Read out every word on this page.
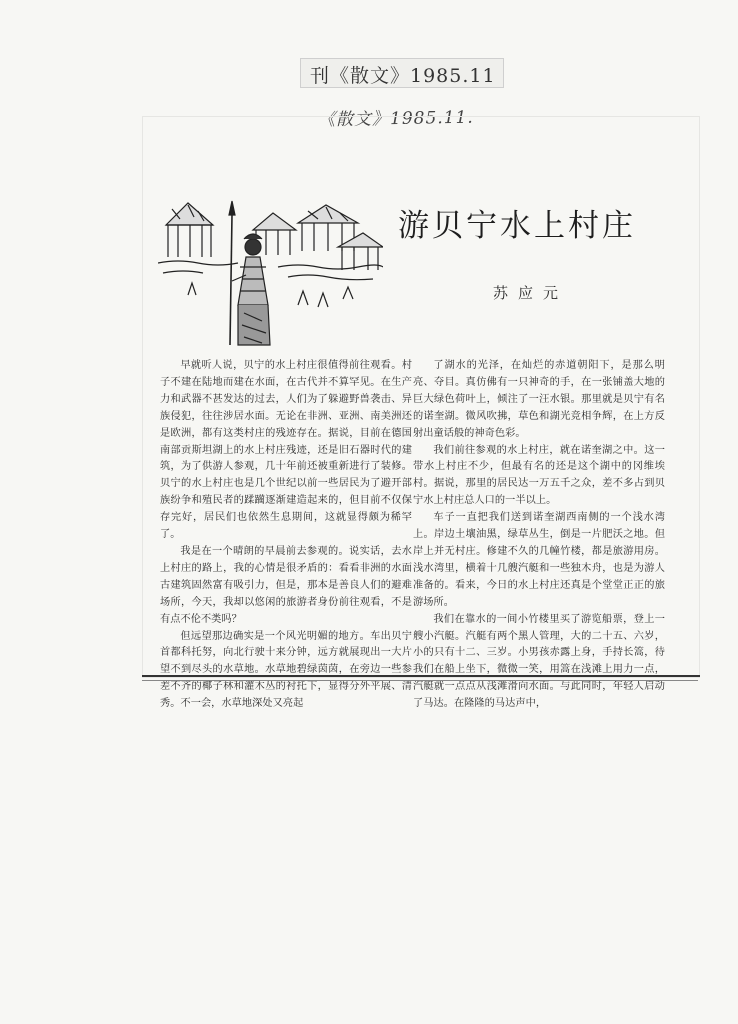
刊《散文》1985.11
《散文》1985.11.
游贝宁水上村庄
苏应元

早就听人说，贝宁的水上村庄很值得前往观看。村子不建在陆地而建在水面，在古代并不算罕见。在生产力和武器不甚发达的过去，人们为了躲避野兽袭击、异族侵犯，往往涉居水面。无论在非洲、亚洲、南美洲还是欧洲，都有这类村庄的残迹存在。据说，目前在德国南部贡斯坦湖上的水上村庄残迹，还是旧石器时代的建筑，为了供游人参观，几十年前还被重新进行了装修。贝宁的水上村庄也是几个世纪以前一些居民为了避开部族纷争和殖民者的蹂躏逐渐建造起来的，但目前不仅保存完好，居民们也依然生息期间，这就显得颇为稀罕了。

我是在一个晴朗的早晨前去参观的。说实话，去水上村庄的路上，我的心情是很矛盾的：看看非洲的水面古建筑固然富有吸引力，但是，那本是善良人们的避难场所，今天，我却以悠闲的旅游者身份前往观看，不是有点不伦不类吗？

但远望那边确实是一个风光明媚的地方。车出贝宁首都科托努，向北行驶十来分钟，远方就展现出一大片望不到尽头的水草地。水草地碧绿茵茵，在旁边一些参差不齐的椰子林和灌木丛的衬托下，显得分外平展、清秀。不一会，水草地深处又亮起

了湖水的光泽，在灿烂的赤道朝阳下，是那么明亮、夺目。真仿佛有一只神奇的手，在一张铺盖大地的巨大绿色荷叶上，倾注了一汪水银。那里就是贝宁有名的诺奎湖。微风吹拂，草色和湖光竞相争辉，在上方反射出童话般的神奇色彩。

我们前往参观的水上村庄，就在诺奎湖之中。这一带水上村庄不少，但最有名的还是这个湖中的冈维埃村。据说，那里的居民达一万五千之众，差不多占到贝宁水上村庄总人口的一半以上。

车子一直把我们送到诺奎湖西南侧的一个浅水湾上。岸边土壤油黑，绿草丛生，倒是一片肥沃之地。但岸上并无村庄。修建不久的几幢竹楼，都是旅游用房。浅水湾里，横着十几艘汽艇和一些独木舟，也是为游人准备的。看来，今日的水上村庄还真是个堂堂正正的旅游场所。

我们在靠水的一间小竹楼里买了游览船票，登上一艘小汽艇。汽艇有两个黑人管理，大的二十五、六岁，小的只有十二、三岁。小男孩赤露上身，手持长篙，待我们在船上坐下，微微一笑，用篙在浅滩上用力一点，汽艇就一点点从浅滩滑向水面。与此同时，年轻人启动了马达。在隆隆的马达声中，
